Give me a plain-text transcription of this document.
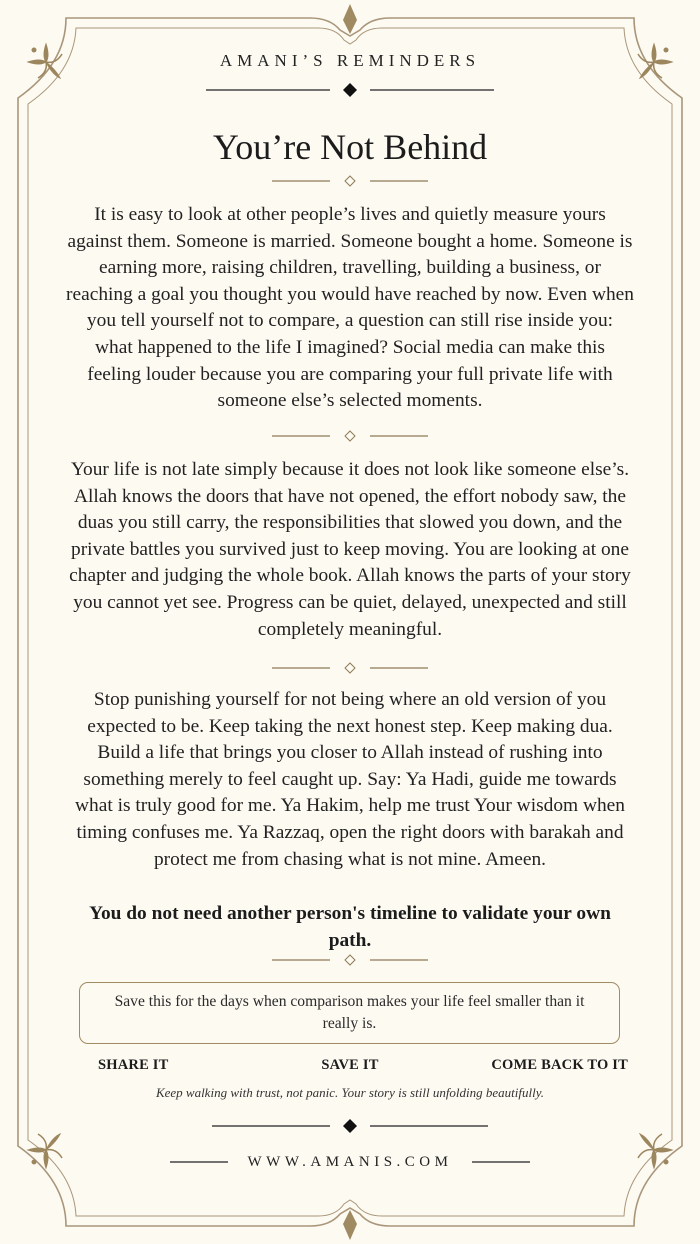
AMANI’S REMINDERS
You’re Not Behind
It is easy to look at other people’s lives and quietly measure yours against them. Someone is married. Someone bought a home. Someone is earning more, raising children, travelling, building a business, or reaching a goal you thought you would have reached by now. Even when you tell yourself not to compare, a question can still rise inside you: what happened to the life I imagined? Social media can make this feeling louder because you are comparing your full private life with someone else’s selected moments.
Your life is not late simply because it does not look like someone else’s. Allah knows the doors that have not opened, the effort nobody saw, the duas you still carry, the responsibilities that slowed you down, and the private battles you survived just to keep moving. You are looking at one chapter and judging the whole book. Allah knows the parts of your story you cannot yet see. Progress can be quiet, delayed, unexpected and still completely meaningful.
Stop punishing yourself for not being where an old version of you expected to be. Keep taking the next honest step. Keep making dua. Build a life that brings you closer to Allah instead of rushing into something merely to feel caught up. Say: Ya Hadi, guide me towards what is truly good for me. Ya Hakim, help me trust Your wisdom when timing confuses me. Ya Razzaq, open the right doors with barakah and protect me from chasing what is not mine. Ameen.
You do not need another person's timeline to validate your own path.
Save this for the days when comparison makes your life feel smaller than it really is.
SHARE IT	SAVE IT	COME BACK TO IT
Keep walking with trust, not panic. Your story is still unfolding beautifully.
WWW.AMANIS.COM
